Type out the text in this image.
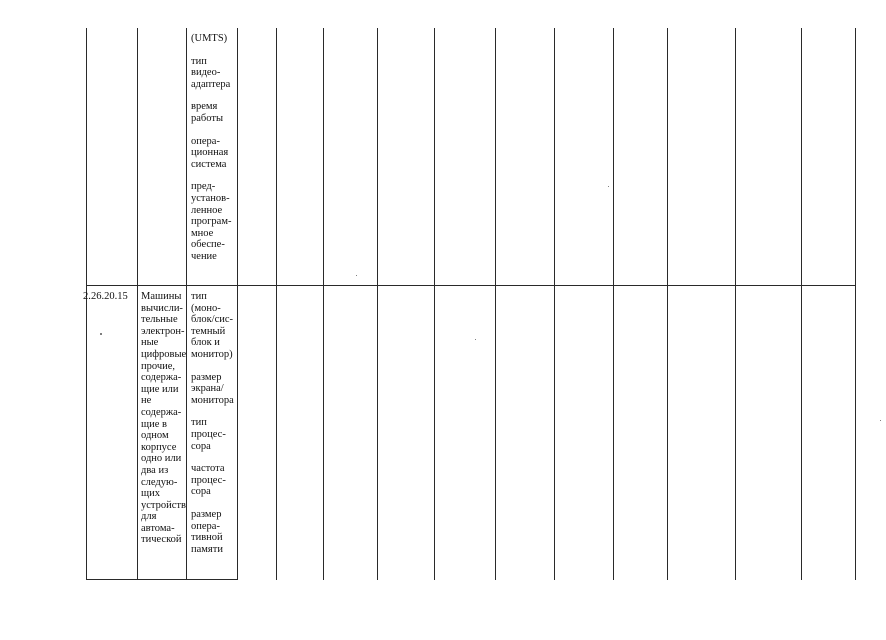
(UMTS)
тип
видео-
адаптера
время
работы
опера-
ционная
система
пред-
установ-
ленное
програм-
мное
обеспе-
чение
2. 26.20.15	Машины
вычисли-
тельные
электрон-
ные
цифровые
прочие,
содержа-
щие или
не
содержа-
щие в
одном
корпусе
одно или
два из
следую-
щих
устройств
для
автома-
тической
тип
(моно-
блок/сис-
темный
блок и
монитор)
размер
экрана/
монитора
тип
процес-
сора
частота
процес-
сора
размер
опера-
тивной
памяти
